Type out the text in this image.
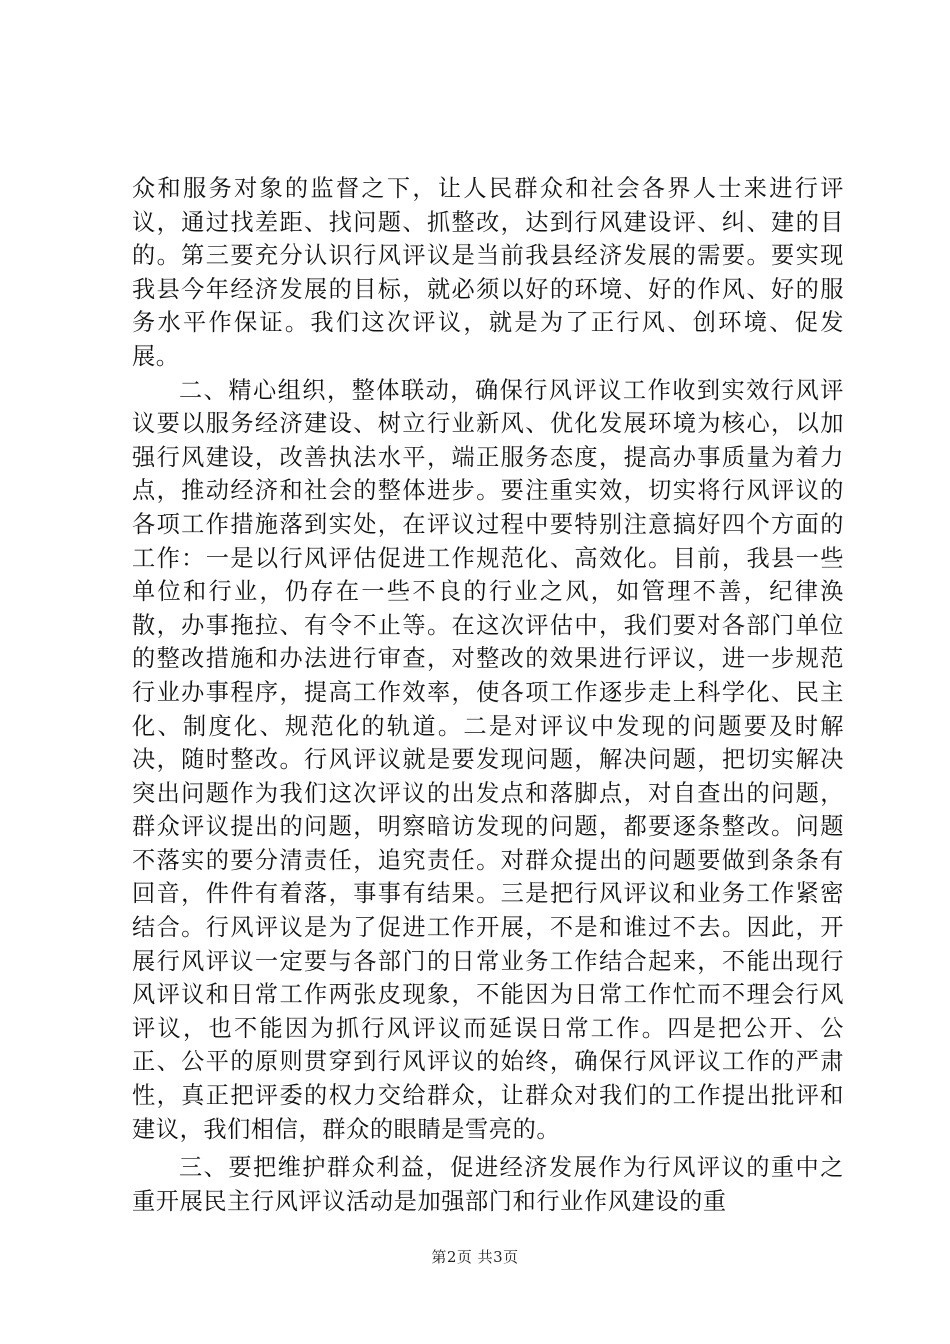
众和服务对象的监督之下，让人民群众和社会各界人士来进行评议，通过找差距、找问题、抓整改，达到行风建设评、纠、建的目的。第三要充分认识行风评议是当前我县经济发展的需要。要实现我县今年经济发展的目标，就必须以好的环境、好的作风、好的服务水平作保证。我们这次评议，就是为了正行风、创环境、促发展。

二、精心组织，整体联动，确保行风评议工作收到实效行风评议要以服务经济建设、树立行业新风、优化发展环境为核心，以加强行风建设，改善执法水平，端正服务态度，提高办事质量为着力点，推动经济和社会的整体进步。要注重实效，切实将行风评议的各项工作措施落到实处，在评议过程中要特别注意搞好四个方面的工作：一是以行风评估促进工作规范化、高效化。目前，我县一些单位和行业，仍存在一些不良的行业之风，如管理不善，纪律涣散，办事拖拉、有令不止等。在这次评估中，我们要对各部门单位的整改措施和办法进行审查，对整改的效果进行评议，进一步规范行业办事程序，提高工作效率，使各项工作逐步走上科学化、民主化、制度化、规范化的轨道。二是对评议中发现的问题要及时解决，随时整改。行风评议就是要发现问题，解决问题，把切实解决突出问题作为我们这次评议的出发点和落脚点，对自查出的问题，群众评议提出的问题，明察暗访发现的问题，都要逐条整改。问题不落实的要分清责任，追究责任。对群众提出的问题要做到条条有回音，件件有着落，事事有结果。三是把行风评议和业务工作紧密结合。行风评议是为了促进工作开展，不是和谁过不去。因此，开展行风评议一定要与各部门的日常业务工作结合起来，不能出现行风评议和日常工作两张皮现象，不能因为日常工作忙而不理会行风评议，也不能因为抓行风评议而延误日常工作。四是把公开、公正、公平的原则贯穿到行风评议的始终，确保行风评议工作的严肃性，真正把评委的权力交给群众，让群众对我们的工作提出批评和建议，我们相信，群众的眼睛是雪亮的。

三、要把维护群众利益，促进经济发展作为行风评议的重中之重开展民主行风评议活动是加强部门和行业作风建设的重

第2页 共3页
